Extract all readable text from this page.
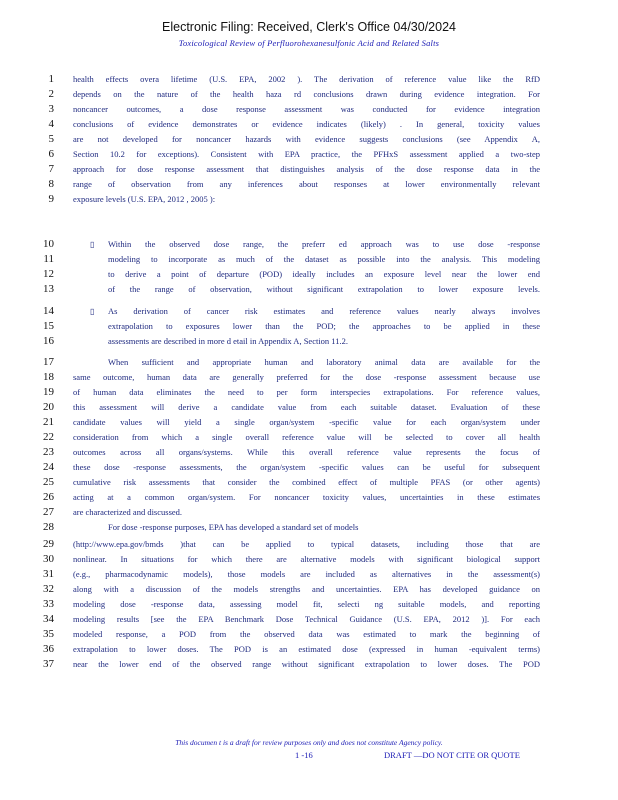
Electronic Filing: Received, Clerk's Office 04/30/2024
Toxicological Review of Perfluorohexanesulfonic Acid and Related Salts
1 health effects overa lifetime (U.S. EPA, 2002 ). The derivation of reference value like the RfD
2 depends on the nature of the health haza rd conclusions drawn during evidence integration. For
3 noncancer outcomes, a dose response assessment was conducted for evidence integration
4 conclusions of evidence demonstrates or evidence indicates (likely) . In general, toxicity values
5 are not developed for noncancer hazards with evidence suggests conclusions (see Appendix A,
6 Section 10.2 for exceptions). Consistent with EPA practice, the PFHxS assessment applied a two-step
7 approach for dose response assessment that distinguishes analysis of the dose response data in the
8 range of observation from any inferences about responses at lower environmentally relevant
9 exposure levels (U.S. EPA, 2012 , 2005 ):
10	▯ Within the observed dose range, the preferr ed approach was to use dose -response
11	modeling to incorporate as much of the dataset as possible into the analysis. This modeling
12	to derive a point of departure (POD) ideally includes an exposure level near the lower end
13	of the range of observation, without significant extrapolation to lower exposure levels.
14	▯ As derivation of cancer risk estimates and reference values nearly always involves
15	extrapolation to exposures lower than the POD; the approaches to be applied in these
16	assessments are described in more d etail in Appendix A, Section 11.2.
17	When sufficient and appropriate human and laboratory animal data are available for the
18 same outcome, human data are generally preferred for the dose -response assessment because use
19 of human data eliminates the need to per form interspecies extrapolations. For reference values,
20 this assessment will derive a candidate value from each suitable dataset. Evaluation of these
21 candidate values will yield a single organ/system -specific value for each organ/system under
22 consideration from which a single overall reference value will be selected to cover all health
23 outcomes across all organs/systems. While this overall reference value represents the focus of
24 these dose -response assessments, the organ/system -specific values can be useful for subsequent
25 cumulative risk assessments that consider the combined effect of multiple PFAS (or other agents)
26 acting at a common organ/system. For noncancer toxicity values, uncertainties in these estimates
27 are characterized and discussed.
28	For dose -response purposes, EPA has developed a standard set of models
29 (http://www.epa.gov/bmds )that can be applied to typical datasets, including those that are
30 nonlinear. In situations for which there are alternative models with significant biological support
31 (e.g., pharmacodynamic models), those models are included as alternatives in the assessment(s)
32 along with a discussion of the models strengths and uncertainties. EPA has developed guidance on
33 modeling dose -response data, assessing model fit, selecti ng suitable models, and reporting
34 modeling results [see the EPA Benchmark Dose Technical Guidance (U.S. EPA, 2012 )]. For each
35 modeled response, a POD from the observed data was estimated to mark the beginning of
36 extrapolation to lower doses. The POD is an estimated dose (expressed in human -equivalent terms)
37 near the lower end of the observed range without significant extrapolation to lower doses. The POD
This documen t is a draft for review purposes only and does not constitute Agency policy.
1 -16	DRAFT —DO NOT CITE OR QUOTE
